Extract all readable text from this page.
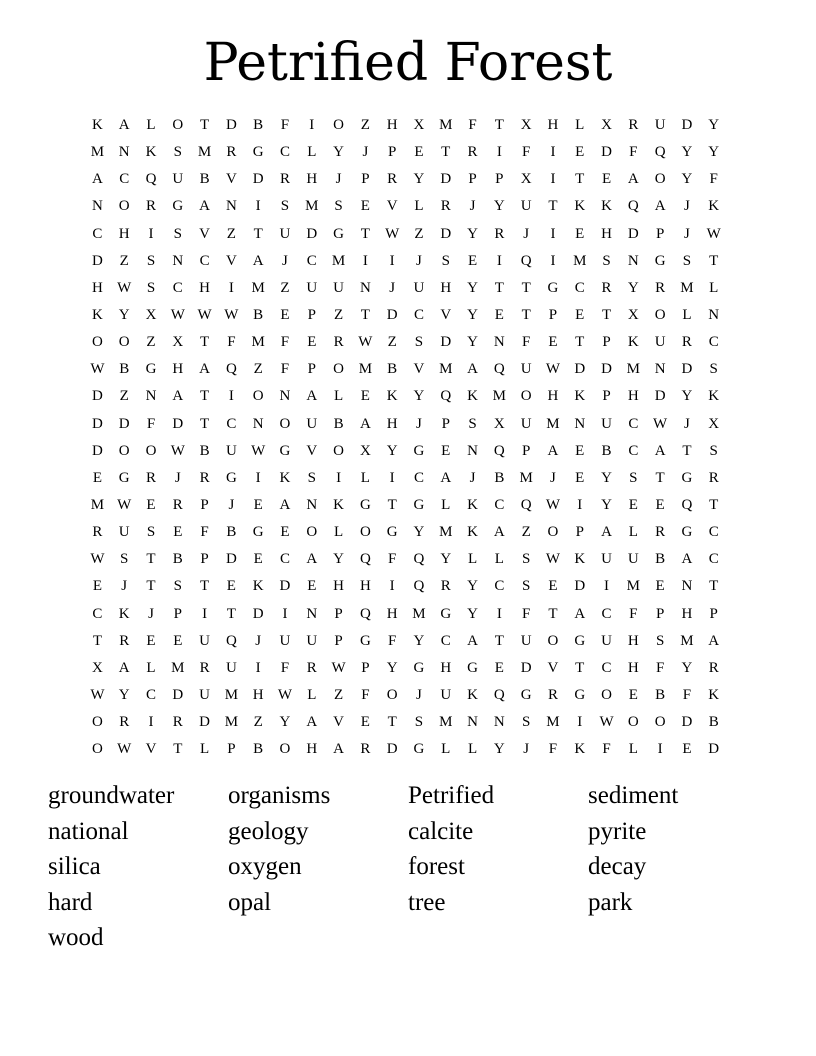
Petrified Forest
K	A	L	O	T	D	B	F	I	O	Z	H	X M	F	T	X	H	L	X	R	U	D	Y
M N	K	S	M	R	G	C	L	Y	J	P	E	T	R	I	F	I	E	D	F	Q	Y	Y
A	C	Q	U	B	V	D	R	H	J	P	R	Y	D	P	P	X	I	T	E	A	O	Y	F
N	O	R	G	A	N	I	S	M	S	E	V	L	R	J	Y	U	T	K	K	Q	A	J	K
C	H	I	S	V	Z	T	U	D	G	T	W	Z	D	Y	R	J	I	E	H	D	P	J	W
D	Z	S	N	C	V	A	J	C	M	I	I	J	S	E	I	Q	I	M	S	N	G	S	T
H W	S	C	H	I	M	Z	U	U	N	J	U	H	Y	T	T	G	C	R	Y	R	M	L
K	Y	X W W W B	E	P	Z	T	D	C	V	Y	E	T	P	E	T	X	O	L	N
O	O	Z	X	T	F	M	F	E	R W	Z	S	D	Y	N	F	E	T	P	K	U	R	C
W B	G	H	A	Q	Z	F	P	O M	B	V M A	Q	U W D	D M N	D	S
D	Z	N	A	T	I	O	N	A	L	E	K	Y	Q	K M O	H	K	P	H	D	Y	K
D	D	F	D	T	C	N	O	U	B	A	H	J	P	S	X	U M N	U	C W	J	X
D	O	O W B	U W G	V	O	X	Y	G	E	N	Q	P	A	E	B	C	A	T	S
E	G	R	J	R	G	I	K	S	I	L	I	C	A	J	B	M	J	E	Y	S	T	G	R
M W	E	R	P	J	E	A	N	K	G	T	G	L	K	C	Q W	I	Y	E	E	Q	T
R	U	S	E	F	B	G	E	O	L	O	G	Y M K	A	Z	O	P	A	L	R	G	C
W	S	T	B	P	D	E	C	A	Y	Q	F	Q	Y	L	L	S	W K	U	U	B	A	C
E	J	T	S	T	E	K	D	E	H	H	I	Q	R	Y	C	S	E	D	I	M	E	N	T
C	K	J	P	I	T	D	I	N	P	Q	H M G	Y	I	F	T	A	C	F	P	H	P
T	R	E	E	U	Q	J	U	U	P	G	F	Y	C	A	T	U	O	G	U	H	S	M A
X	A	L	M	R	U	I	F	R W	P	Y	G	H	G	E	D	V	T	C	H	F	Y	R
W Y	C	D	U M H W	L	Z	F	O	J	U	K	Q	G	R	G	O	E	B	F	K
O	R	I	R	D M	Z	Y	A	V	E	T	S	M N	N	S	M	I	W O	O	D	B
O W V	T	L	P	B	O	H	A	R	D	G	L	L	Y	J	F	K	F	L	I	E	D
groundwater	organisms	Petrified	sediment
national	geology	calcite	pyrite
silica	oxygen	forest	decay
hard	opal	tree	park
wood
